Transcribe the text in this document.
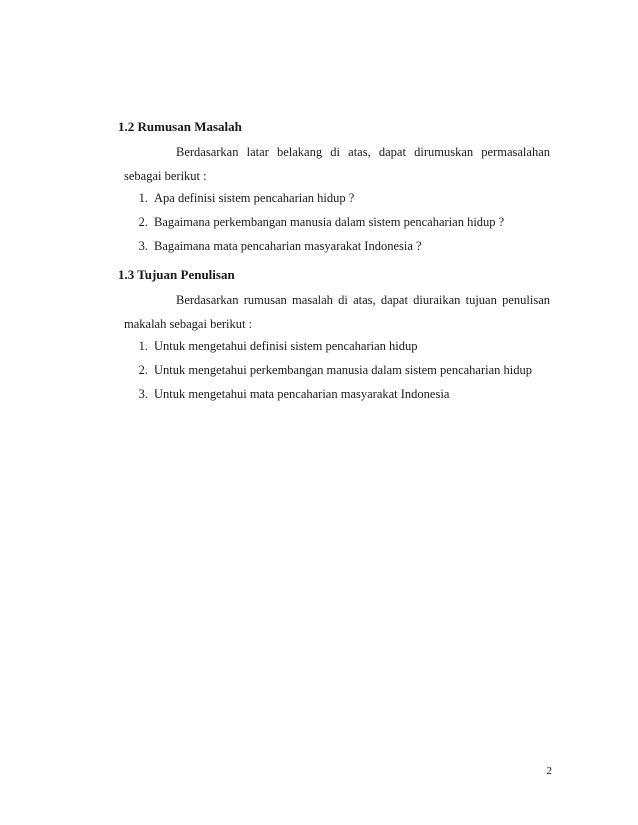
1.2 Rumusan Masalah

Berdasarkan latar belakang di atas, dapat dirumuskan permasalahan
sebagai berikut :
1. Apa definisi sistem pencaharian hidup ?
2. Bagaimana perkembangan manusia dalam sistem pencaharian hidup ?
3. Bagaimana mata pencaharian masyarakat Indonesia ?

1.3 Tujuan Penulisan

Berdasarkan rumusan masalah di atas, dapat diuraikan tujuan penulisan
makalah sebagai berikut :
1. Untuk mengetahui definisi sistem pencaharian hidup
2. Untuk mengetahui perkembangan manusia dalam sistem pencaharian hidup
3. Untuk mengetahui mata pencaharian masyarakat Indonesia
2
